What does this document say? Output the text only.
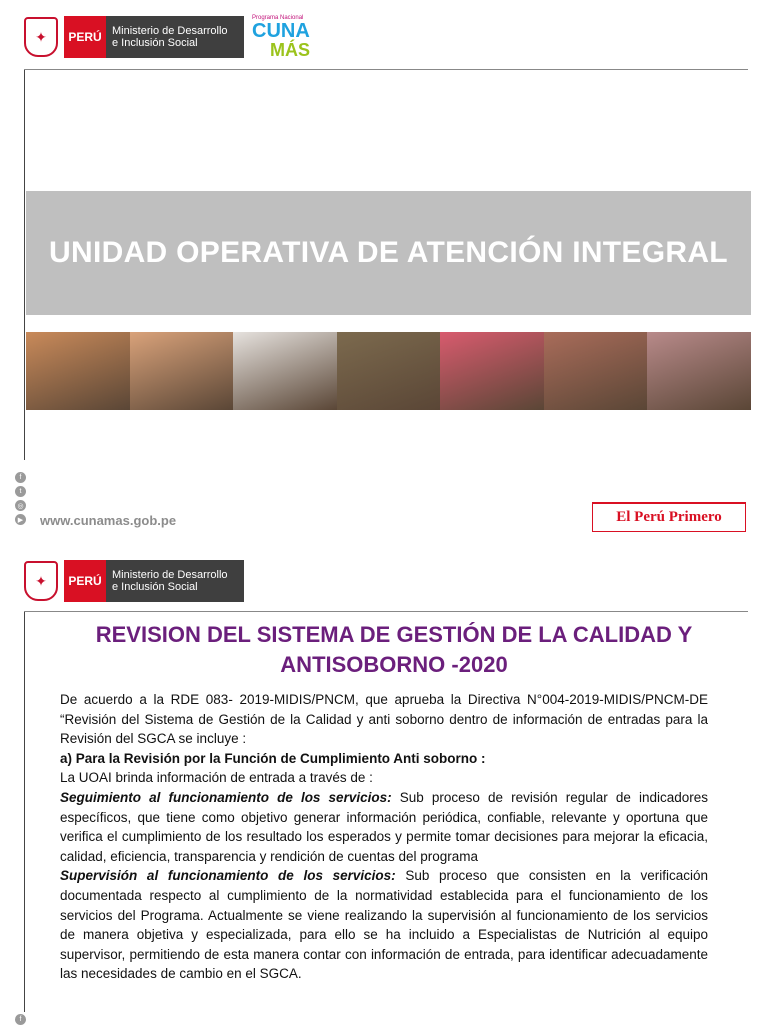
✦	PERÚ Ministerio de Desarrollo
e Inclusión Social
Programa Nacional
CUNA
MÁS
UNIDAD OPERATIVA DE ATENCIÓN INTEGRAL
f
t
◎
▶ www.cunamas.gob.pe	El Perú Primero
✦	PERÚ Ministerio de Desarrollo
e Inclusión Social
REVISION DEL SISTEMA DE GESTIÓN DE LA CALIDAD Y ANTISOBORNO -2020

De acuerdo a la RDE 083- 2019-MIDIS/PNCM, que aprueba la Directiva N°004-2019-MIDIS/PNCM-DE “Revisión del Sistema de Gestión de la Calidad y anti soborno dentro de información de entradas para la Revisión del SGCA se incluye :

a) Para la Revisión por la Función de Cumplimiento Anti soborno :

La UOAI brinda información de entrada a través de :

Seguimiento al funcionamiento de los servicios: Sub proceso de revisión regular de indicadores específicos, que tiene como objetivo generar información periódica, confiable, relevante y oportuna que verifica el cumplimiento de los resultado los esperados y permite tomar decisiones para mejorar la eficacia, calidad, eficiencia, transparencia y rendición de cuentas del programa

Supervisión al funcionamiento de los servicios: Sub proceso que consisten en la verificación documentada respecto al cumplimiento de la normatividad establecida para el funcionamiento de los servicios del Programa. Actualmente se viene realizando la supervisión al funcionamiento de los servicios de manera objetiva y especializada, para ello se ha incluido a Especialistas de Nutrición al equipo supervisor, permitiendo de esta manera contar con información de entrada, para identificar adecuadamente las necesidades de cambio en el SGCA.

f
